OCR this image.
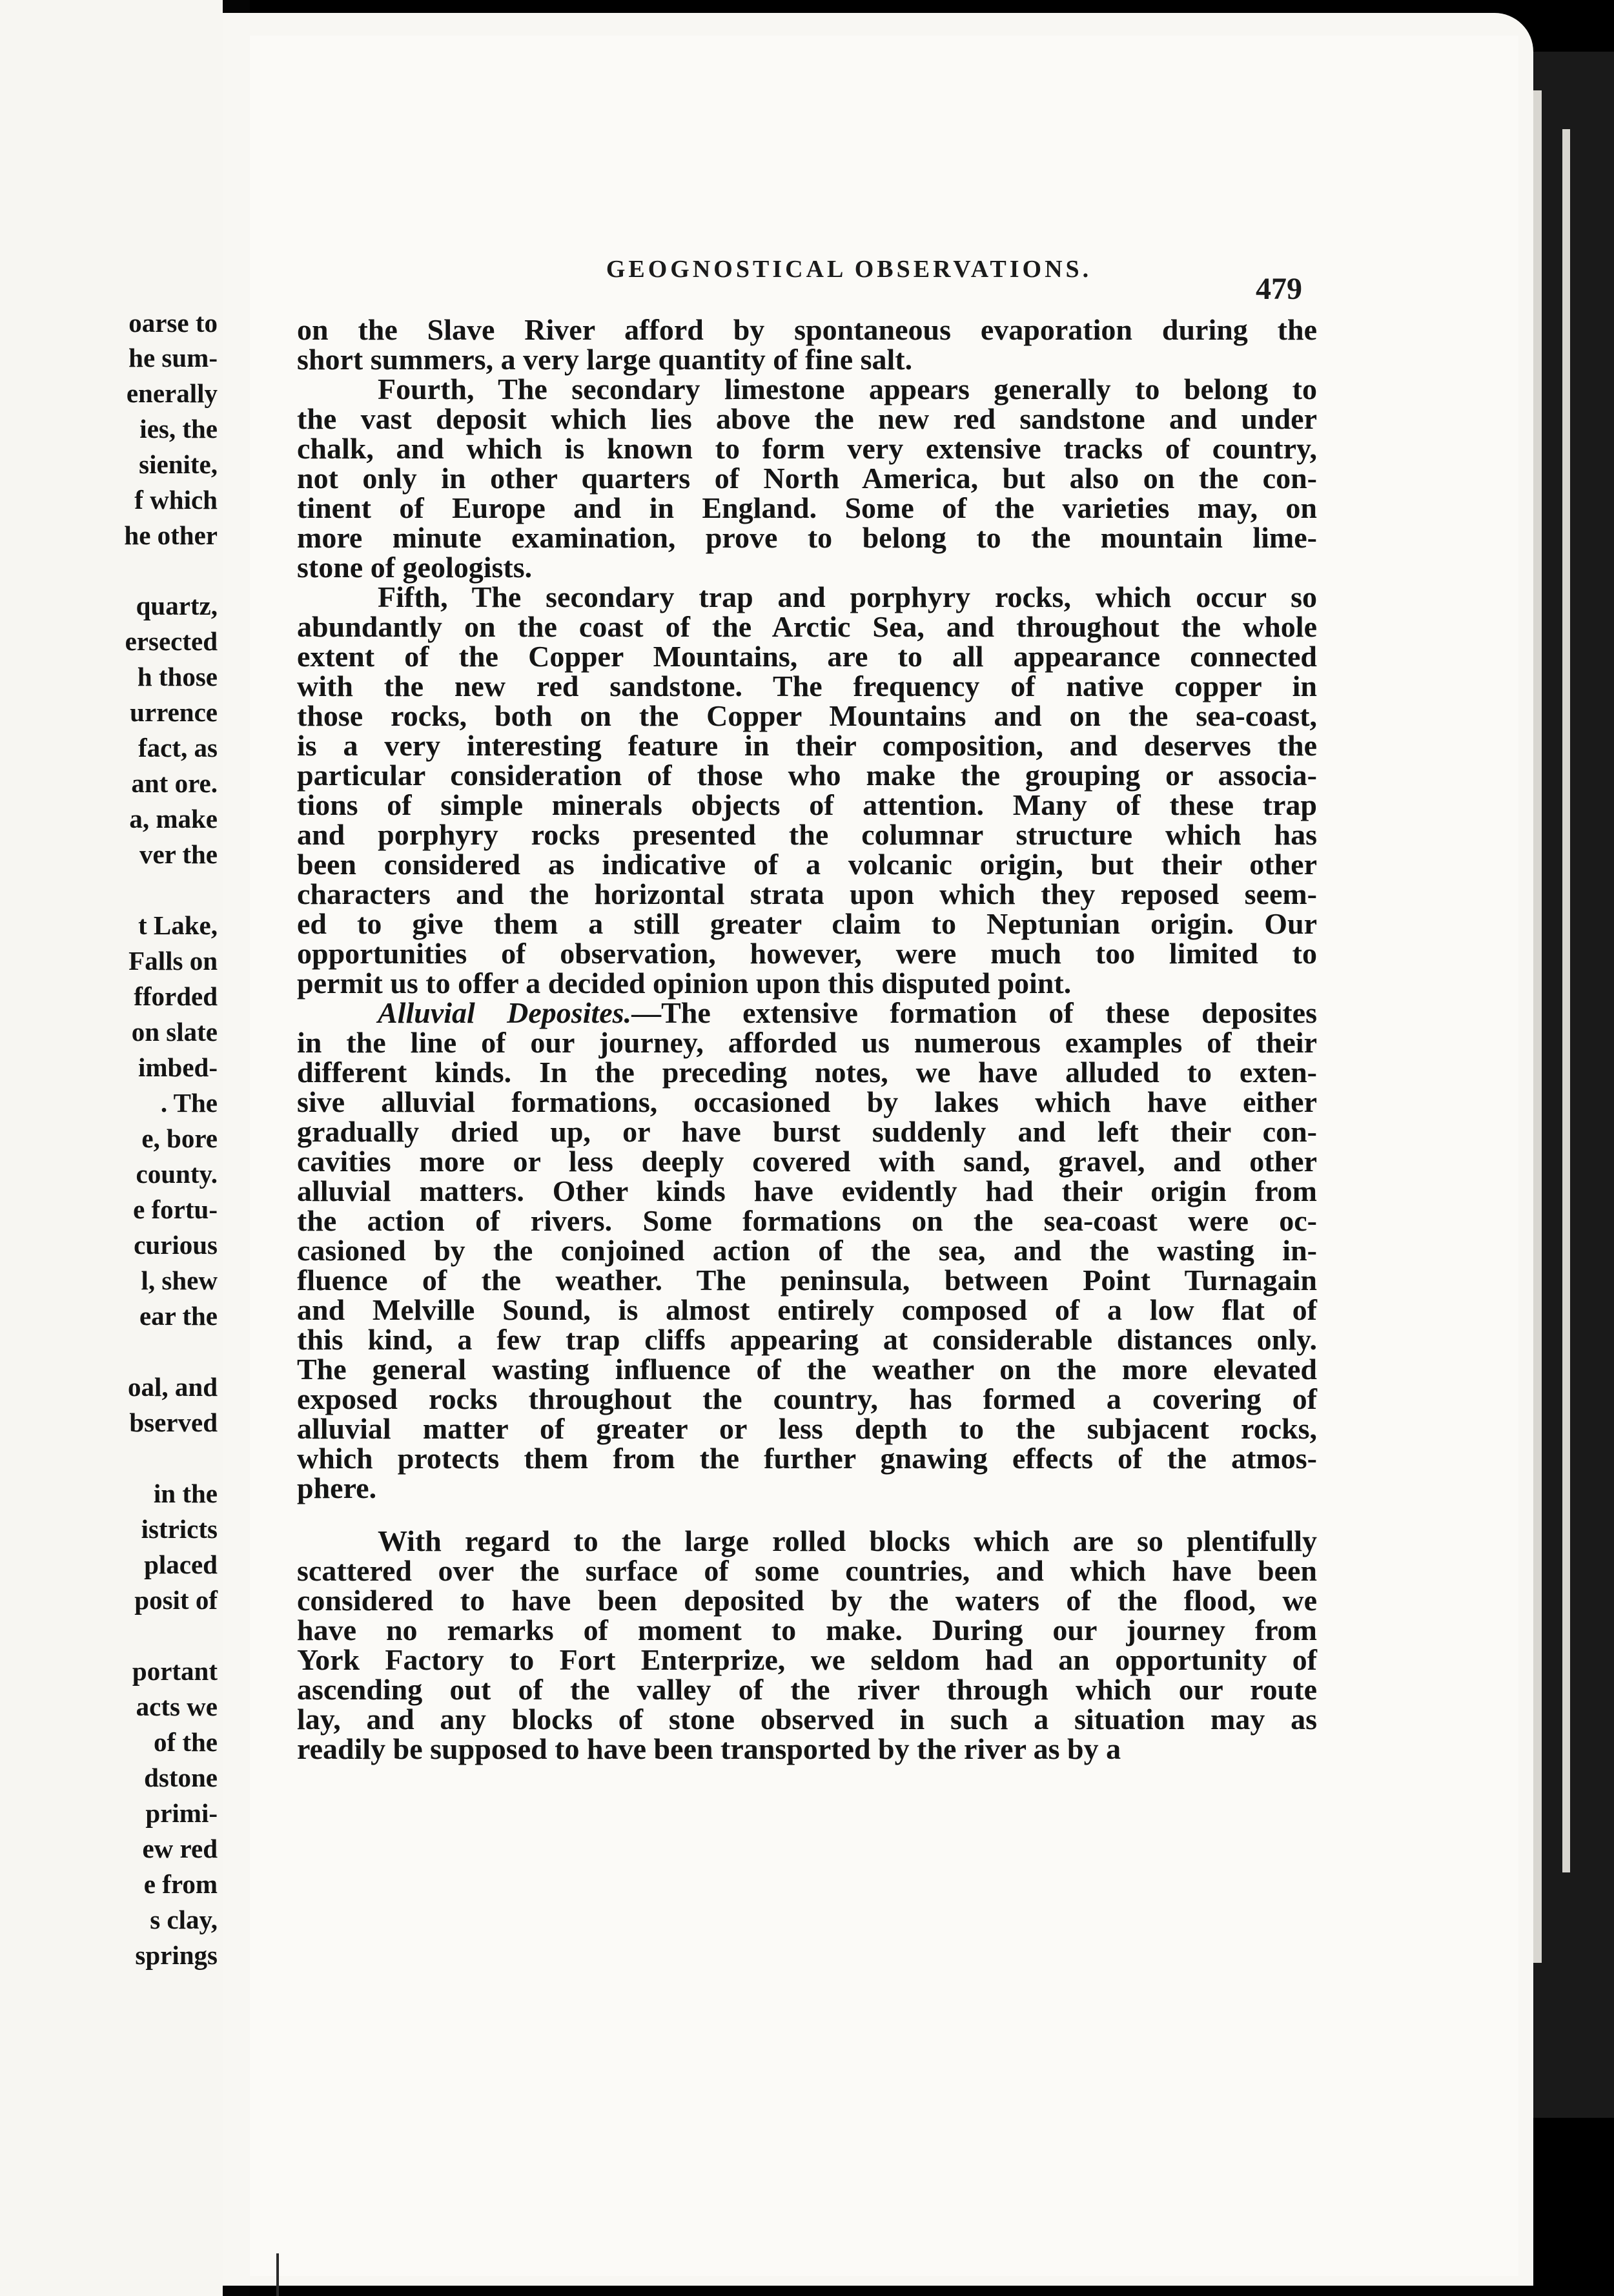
oarse to
he sum-
enerally
ies, the
sienite,
f which
he other
quartz,
ersected
h those
urrence
fact, as
ant ore.
a, make
ver the
t Lake,
Falls on
fforded
on slate
imbed-
. The
e, bore
county.
e fortu-
curious
l, shew
ear the
oal, and
bserved
in the
istricts
placed
posit of
portant
acts we
of the
dstone
primi-
ew red
e from
s clay,
springs
GEOGNOSTICAL OBSERVATIONS.
479
on the Slave River afford by spontaneous evaporation during the
short summers, a very large quantity of fine salt.
Fourth, The secondary limestone appears generally to belong to
the vast deposit which lies above the new red sandstone and under
chalk, and which is known to form very extensive tracks of country,
not only in other quarters of North America, but also on the con-
tinent of Europe and in England. Some of the varieties may, on
more minute examination, prove to belong to the mountain lime-
stone of geologists.
Fifth, The secondary trap and porphyry rocks, which occur so
abundantly on the coast of the Arctic Sea, and throughout the whole
extent of the Copper Mountains, are to all appearance connected
with the new red sandstone. The frequency of native copper in
those rocks, both on the Copper Mountains and on the sea-coast,
is a very interesting feature in their composition, and deserves the
particular consideration of those who make the grouping or associa-
tions of simple minerals objects of attention. Many of these trap
and porphyry rocks presented the columnar structure which has
been considered as indicative of a volcanic origin, but their other
characters and the horizontal strata upon which they reposed seem-
ed to give them a still greater claim to Neptunian origin. Our
opportunities of observation, however, were much too limited to
permit us to offer a decided opinion upon this disputed point.
Alluvial Deposites.—The extensive formation of these deposites
in the line of our journey, afforded us numerous examples of their
different kinds. In the preceding notes, we have alluded to exten-
sive alluvial formations, occasioned by lakes which have either
gradually dried up, or have burst suddenly and left their con-
cavities more or less deeply covered with sand, gravel, and other
alluvial matters. Other kinds have evidently had their origin from
the action of rivers. Some formations on the sea-coast were oc-
casioned by the conjoined action of the sea, and the wasting in-
fluence of the weather. The peninsula, between Point Turnagain
and Melville Sound, is almost entirely composed of a low flat of
this kind, a few trap cliffs appearing at considerable distances only.
The general wasting influence of the weather on the more elevated
exposed rocks throughout the country, has formed a covering of
alluvial matter of greater or less depth to the subjacent rocks,
which protects them from the further gnawing effects of the atmos-
phere.
With regard to the large rolled blocks which are so plentifully
scattered over the surface of some countries, and which have been
considered to have been deposited by the waters of the flood, we
have no remarks of moment to make. During our journey from
York Factory to Fort Enterprize, we seldom had an opportunity of
ascending out of the valley of the river through which our route
lay, and any blocks of stone observed in such a situation may as
readily be supposed to have been transported by the river as by a
